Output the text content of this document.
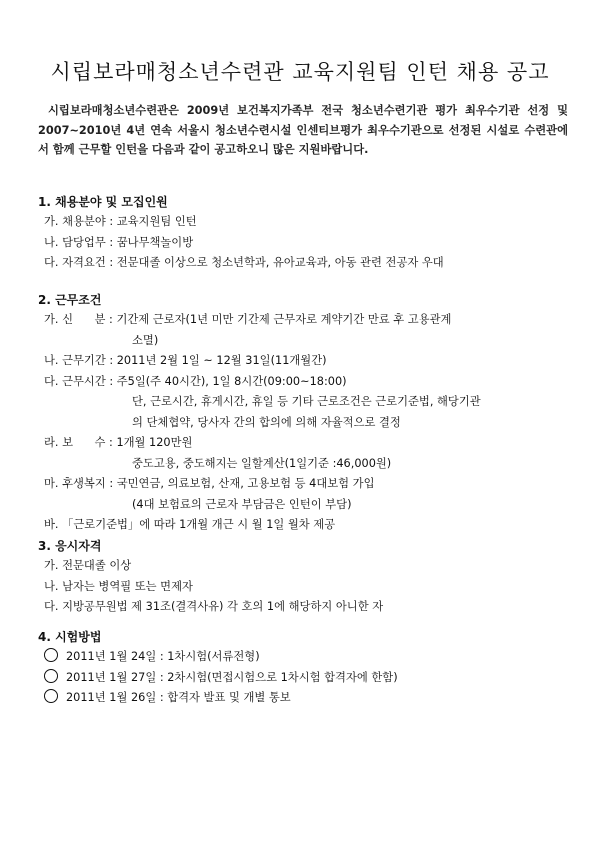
시립보라매청소년수련관 교육지원팀 인턴 채용 공고
시립보라매청소년수련관은 2009년 보건복지가족부 전국 청소년수련기관 평가 최우수기관 선정 및 2007~2010년 4년 연속 서울시 청소년수련시설 인센티브평가 최우수기관으로 선정된 시설로 수련관에서 함께 근무할 인턴을 다음과 같이 공고하오니 많은 지원바랍니다.
1. 채용분야 및 모집인원
가. 채용분야 : 교육지원팀 인턴
나. 담당업무 : 꿈나무책놀이방
다. 자격요건 : 전문대졸 이상으로 청소년학과, 유아교육과, 아동 관련 전공자 우대
2. 근무조건
가. 신      분 : 기간제 근로자(1년 미만 기간제 근무자로 계약기간 만료 후 고용관계
소멸)
나. 근무기간 : 2011년 2월 1일 ~ 12월 31일(11개월간)
다. 근무시간 : 주5일(주 40시간), 1일 8시간(09:00~18:00)
단, 근로시간, 휴게시간, 휴일 등 기타 근로조건은 근로기준법, 해당기관
의 단체협약, 당사자 간의 합의에 의해 자율적으로 결정
라. 보      수 : 1개월 120만원
중도고용, 중도해지는 일할계산(1일기준 :46,000원)
마. 후생복지 : 국민연금, 의료보험, 산재, 고용보험 등 4대보험 가입
(4대 보험료의 근로자 부담금은 인턴이 부담)
바. 「근로기준법」에 따라 1개월 개근 시 월 1일 월차 제공
3. 응시자격
가. 전문대졸 이상
나. 남자는 병역필 또는 면제자
다. 지방공무원법 제 31조(결격사유) 각 호의 1에 해당하지 아니한 자
4. 시험방법
2011년 1월 24일 : 1차시험(서류전형)
2011년 1월 27일 : 2차시험(면접시험으로 1차시험 합격자에 한함)
2011년 1월 26일 : 합격자 발표 및 개별 통보
